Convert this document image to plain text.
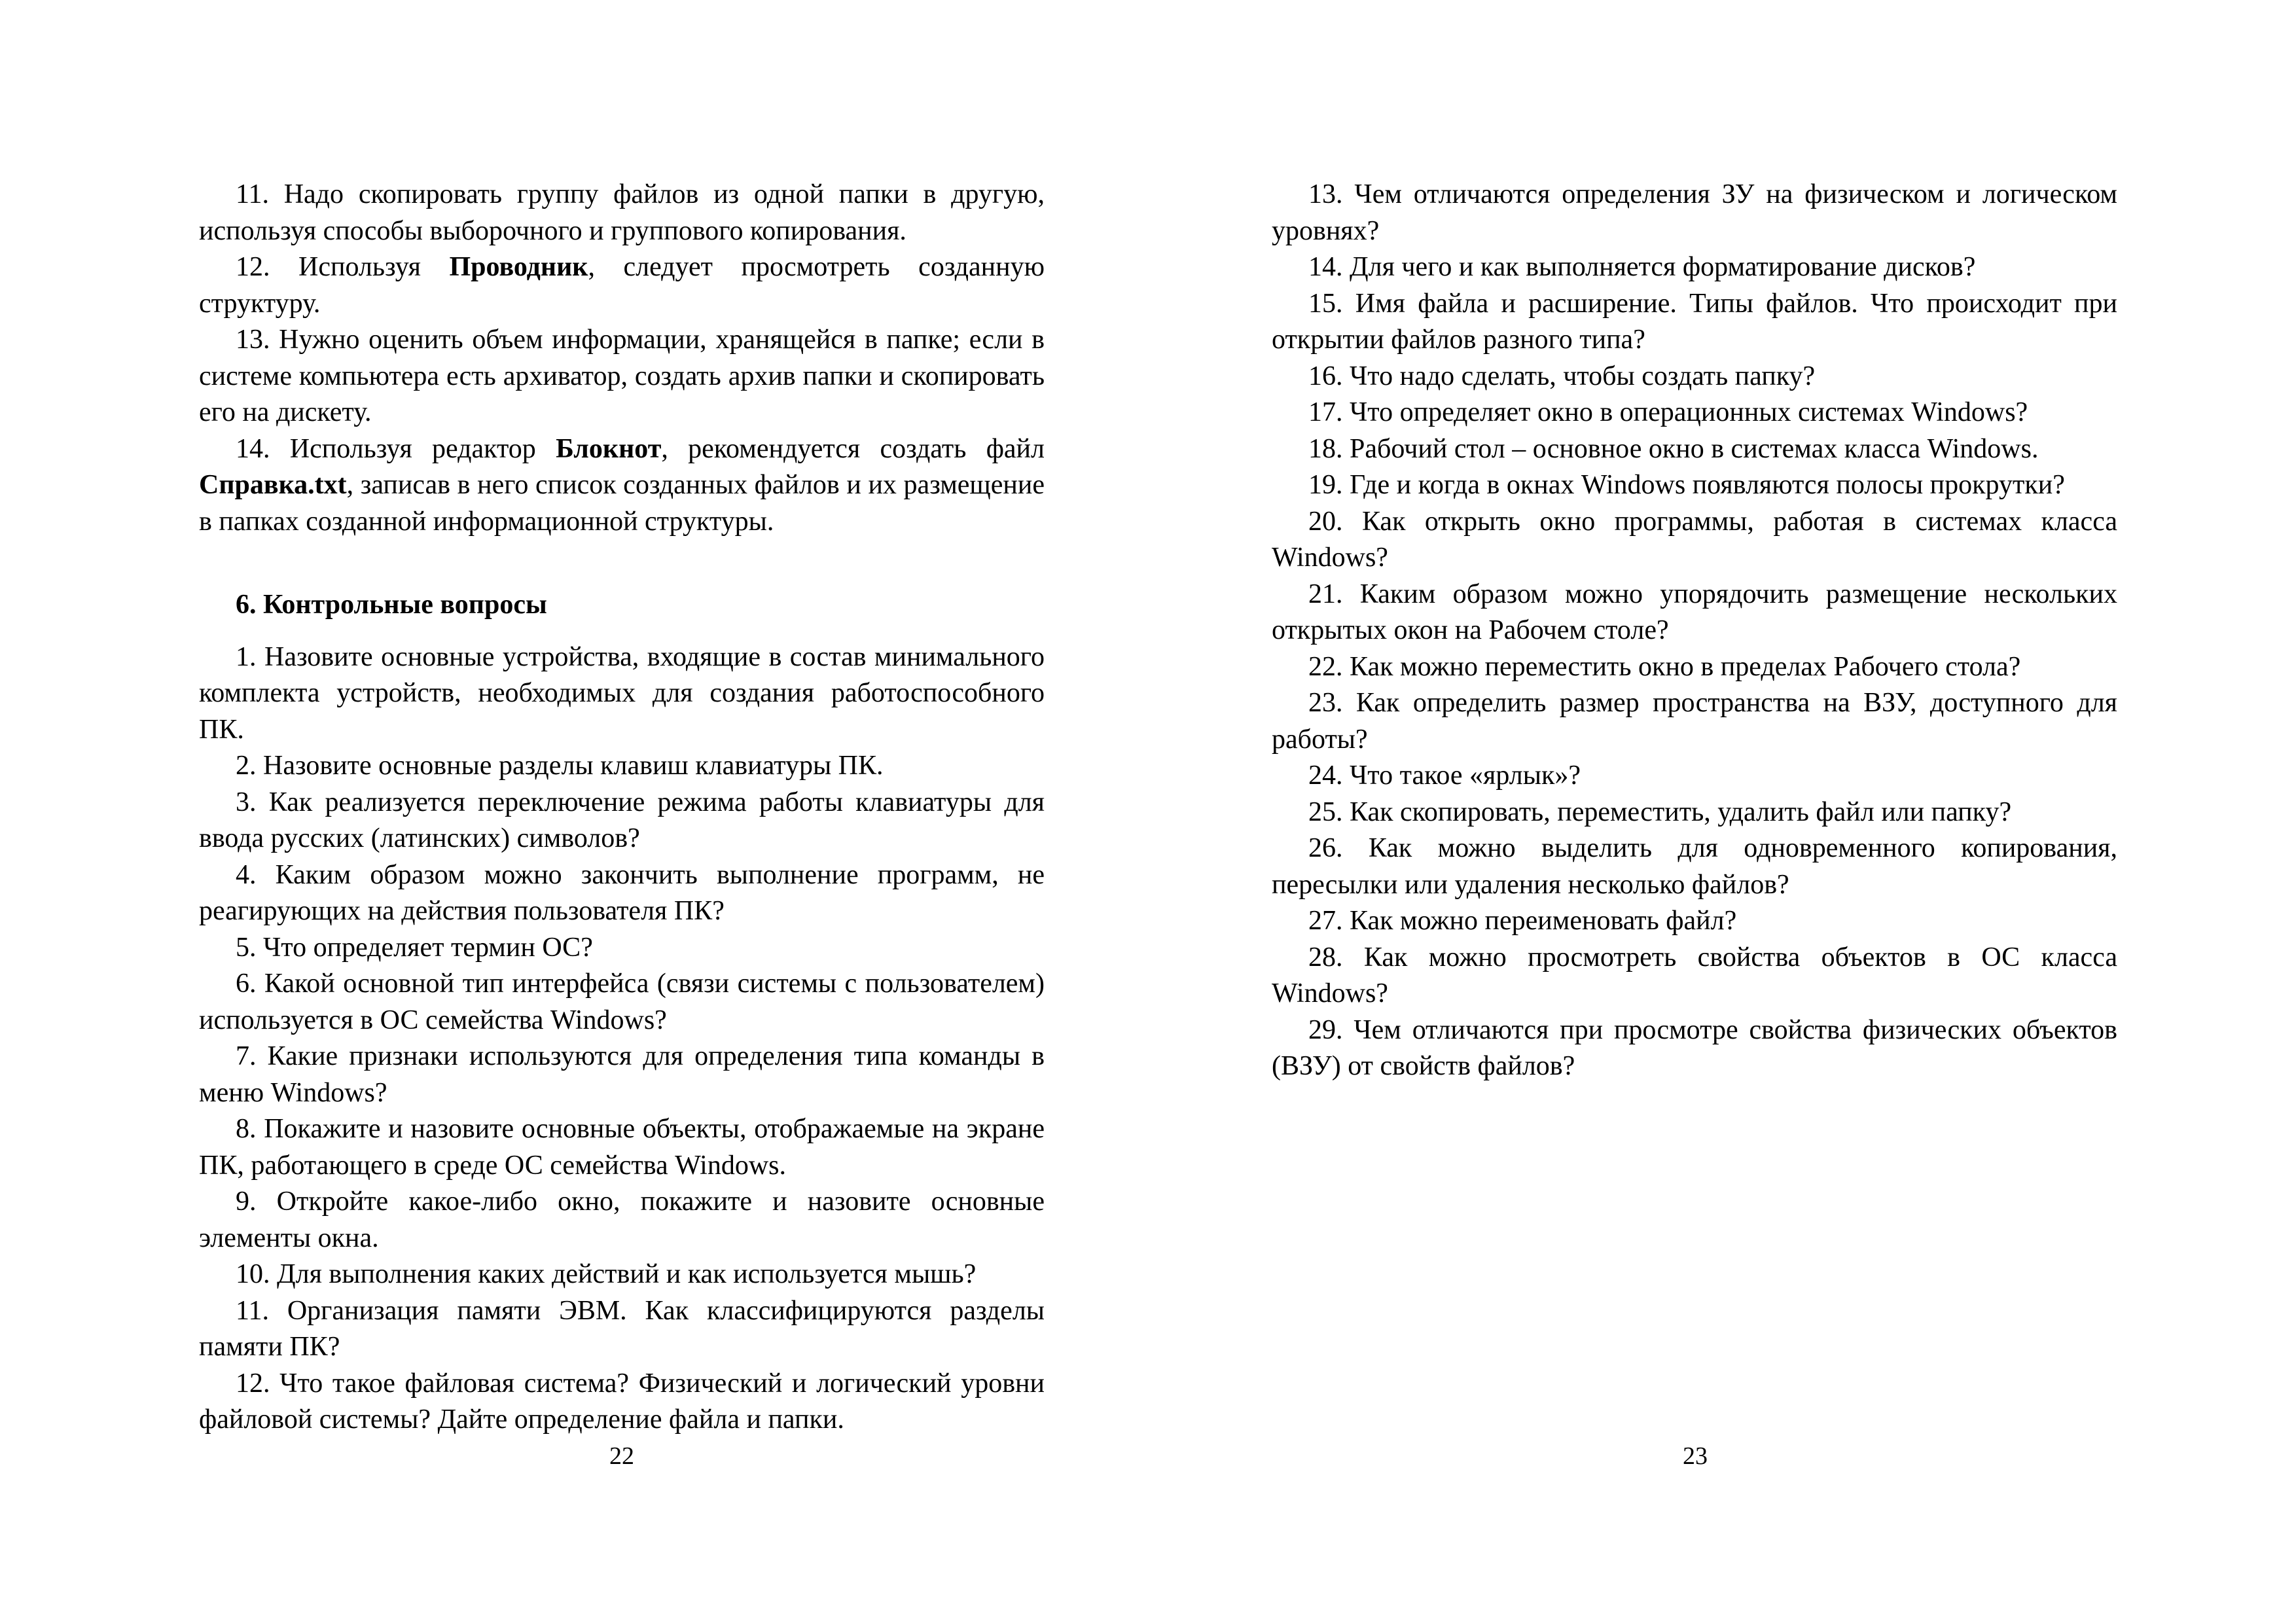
11. Надо скопировать группу файлов из одной папки в другую, используя способы выборочного и группового копирования.

12. Используя Проводник, следует просмотреть созданную структуру.

13. Нужно оценить объем информации, хранящейся в папке; если в системе компьютера есть архиватор, создать архив папки и скопировать его на дискету.

14. Используя редактор Блокнот, рекомендуется создать файл Справка.txt, записав в него список созданных файлов и их размещение в папках созданной информационной структуры.

6. Контрольные вопросы

1. Назовите основные устройства, входящие в состав минимального комплекта устройств, необходимых для создания работоспособного ПК.

2. Назовите основные разделы клавиш клавиатуры ПК.

3. Как реализуется переключение режима работы клавиатуры для ввода русских (латинских) символов?

4. Каким образом можно закончить выполнение программ, не реагирующих на действия пользователя ПК?

5. Что определяет термин ОС?

6. Какой основной тип интерфейса (связи системы с пользователем) используется в ОС семейства Windows?

7. Какие признаки используются для определения типа команды в меню Windows?

8. Покажите и назовите основные объекты, отображаемые на экране ПК, работающего в среде ОС семейства Windows.

9. Откройте какое-либо окно, покажите и назовите основные элементы окна.

10. Для выполнения каких действий и как используется мышь?

11. Организация памяти ЭВМ. Как классифицируются разделы памяти ПК?

12. Что такое файловая система? Физический и логический уровни файловой системы? Дайте определение файла и папки.

22

13. Чем отличаются определения ЗУ на физическом и логическом уровнях?

14. Для чего и как выполняется форматирование дисков?

15. Имя файла и расширение. Типы файлов. Что происходит при открытии файлов разного типа?

16. Что надо сделать, чтобы создать папку?

17. Что определяет окно в операционных системах Windows?

18. Рабочий стол – основное окно в системах класса Windows.

19. Где и когда в окнах Windows появляются полосы прокрутки?

20. Как открыть окно программы, работая в системах класса Windows?

21. Каким образом можно упорядочить размещение нескольких открытых окон на Рабочем столе?

22. Как можно переместить окно в пределах Рабочего стола?

23. Как определить размер пространства на ВЗУ, доступного для работы?

24. Что такое «ярлык»?

25. Как скопировать, переместить, удалить файл или папку?

26. Как можно выделить для одновременного копирования, пересылки или удаления несколько файлов?

27. Как можно переименовать файл?

28. Как можно просмотреть свойства объектов в ОС класса Windows?

29. Чем отличаются при просмотре свойства физических объектов (ВЗУ) от свойств файлов?

23
